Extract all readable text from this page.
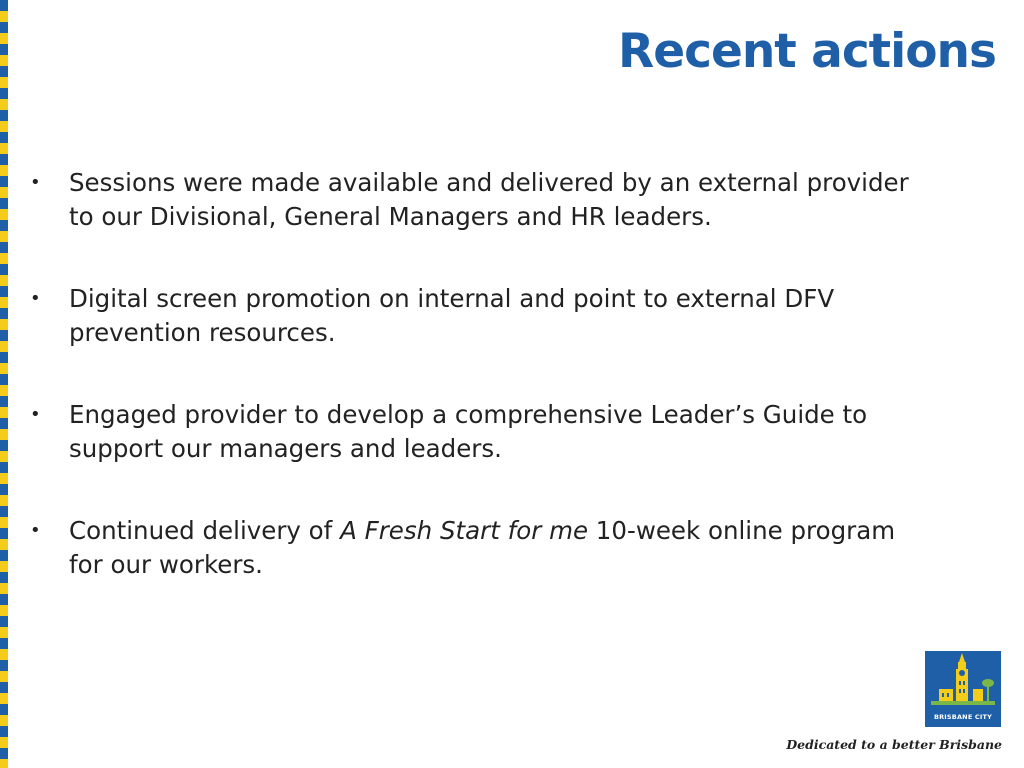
Recent actions
• Sessions were made available and delivered by an external provider to our Divisional, General Managers and HR leaders.
• Digital screen promotion on internal and point to external DFV prevention resources.
• Engaged provider to develop a comprehensive Leader’s Guide to support our managers and leaders.
• Continued delivery of A Fresh Start for me 10-week online program for our workers.
BRISBANE CITY
Dedicated to a better Brisbane
